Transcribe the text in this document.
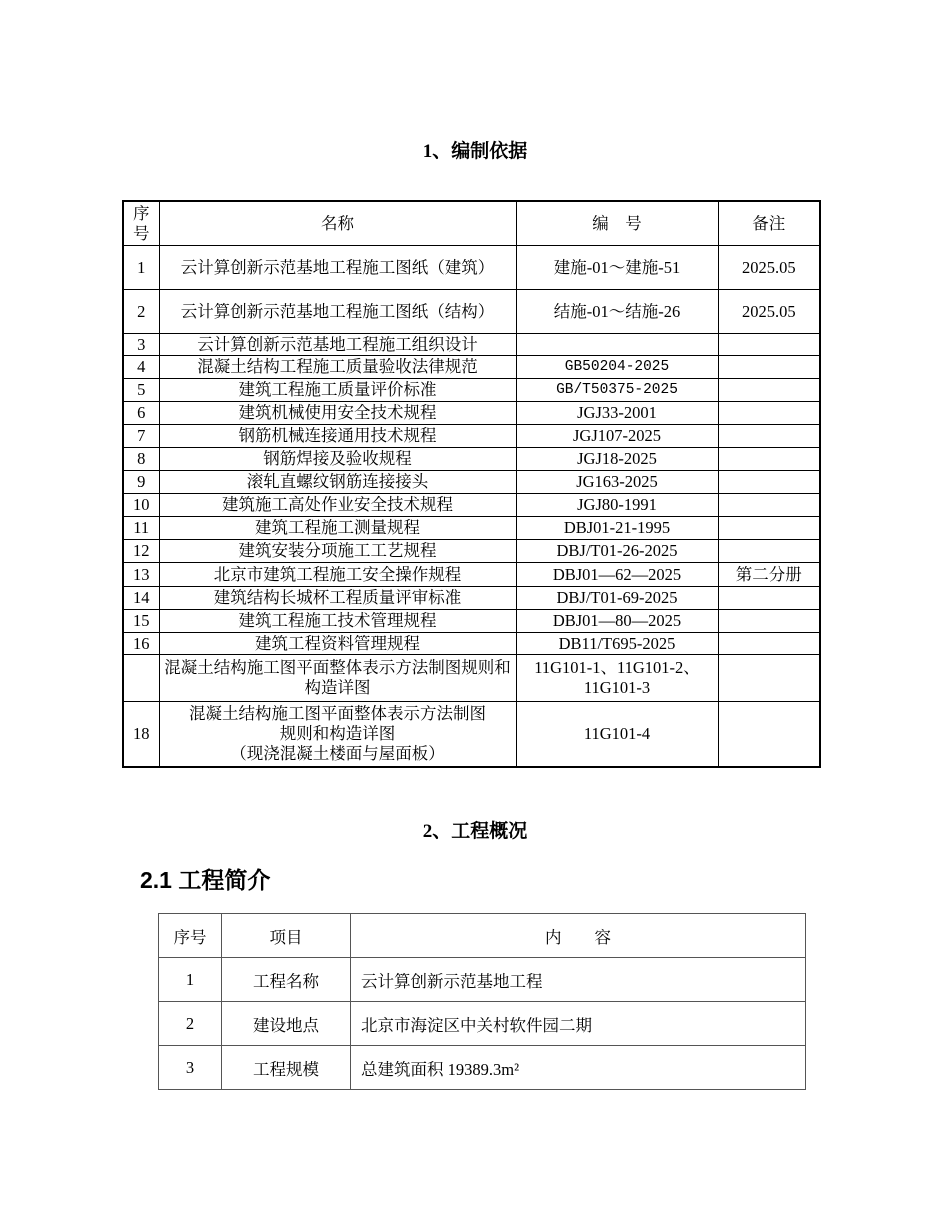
1、编制依据
序号	名称	编　号	备注
1	云计算创新示范基地工程施工图纸（建筑）	建施-01～建施-51	2025.05
2	云计算创新示范基地工程施工图纸（结构）	结施-01～结施-26	2025.05
3	云计算创新示范基地工程施工组织设计		
4	混凝土结构工程施工质量验收法律规范	GB50204-2025	
5	建筑工程施工质量评价标准	GB/T50375-2025	
6	建筑机械使用安全技术规程	JGJ33-2001	
7	钢筋机械连接通用技术规程	JGJ107-2025	
8	钢筋焊接及验收规程	JGJ18-2025	
9	滚轧直螺纹钢筋连接接头	JG163-2025	
10	建筑施工高处作业安全技术规程	JGJ80-1991	
11	建筑工程施工测量规程	DBJ01-21-1995	
12	建筑安装分项施工工艺规程	DBJ/T01-26-2025	
13	北京市建筑工程施工安全操作规程	DBJ01—62—2025	第二分册
14	建筑结构长城杯工程质量评审标准	DBJ/T01-69-2025	
15	建筑工程施工技术管理规程	DBJ01—80—2025	
16	建筑工程资料管理规程	DB11/T695-2025	
	混凝土结构施工图平面整体表示方法制图规则和构造详图	11G101-1、11G101-2、11G101-3	
18	混凝土结构施工图平面整体表示方法制图
规则和构造详图
（现浇混凝土楼面与屋面板）	11G101-4	
2、工程概况
2.1 工程简介
序号	项目	内　　容
1	工程名称	云计算创新示范基地工程
2	建设地点	北京市海淀区中关村软件园二期
3	工程规模	总建筑面积 19389.3m²
